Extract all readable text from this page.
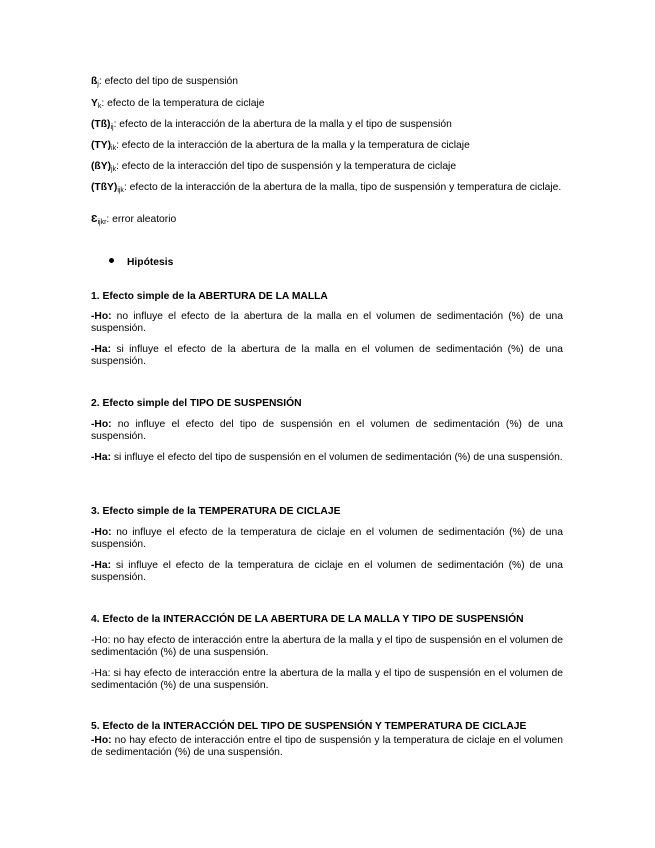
$ß_j$: efecto del tipo de suspensión

$Y_k$: efecto de la temperatura de ciclaje

$(Tß)_{ij}$: efecto de la interacción de la abertura de la malla y el tipo de suspensión

$(TY)_{ik}$: efecto de la interacción de la abertura de la malla y la temperatura de ciclaje

$(ßY)_{jk}$: efecto de la interacción del tipo de suspensión y la temperatura de ciclaje

$(TßY)_{ijk}$: efecto de la interacción de la abertura de la malla, tipo de suspensión y temperatura de ciclaje.

$Ɛ_{ijkr}$: error aleatorio

Hipótesis

1. Efecto simple de la ABERTURA DE LA MALLA

-Ho: no influye el efecto de la abertura de la malla en el volumen de sedimentación (%) de una suspensión.

-Ha: si influye el efecto de la abertura de la malla en el volumen de sedimentación (%) de una suspensión.

2. Efecto simple del TIPO DE SUSPENSIÓN

-Ho: no influye el efecto del tipo de suspensión en el volumen de sedimentación (%) de una suspensión.

-Ha: si influye el efecto del tipo de suspensión en el volumen de sedimentación (%) de una suspensión.

3. Efecto simple de la TEMPERATURA DE CICLAJE

-Ho: no influye el efecto de la temperatura de ciclaje en el volumen de sedimentación (%) de una suspensión.

-Ha: si influye el efecto de la temperatura de ciclaje en el volumen de sedimentación (%) de una suspensión.

4. Efecto de la INTERACCIÓN DE LA ABERTURA DE LA MALLA Y TIPO DE SUSPENSIÓN

-Ho: no hay efecto de interacción entre la abertura de la malla y el tipo de suspensión en el volumen de sedimentación (%) de una suspensión.

-Ha: si hay efecto de interacción entre la abertura de la malla y el tipo de suspensión en el volumen de sedimentación (%) de una suspensión.

5. Efecto de la INTERACCIÓN DEL TIPO DE SUSPENSIÓN Y TEMPERATURA DE CICLAJE

-Ho: no hay efecto de interacción entre el tipo de suspensión y la temperatura de ciclaje en el volumen de sedimentación (%) de una suspensión.
